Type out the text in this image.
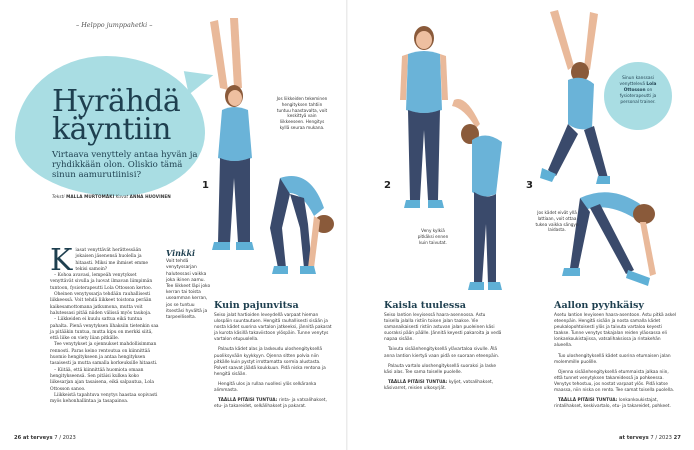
– Helppo jumppahetki –
Hyrähdä
käyntiin
Virtaava venyttely antaa hyvän ja ryhdikkään olon. Oliskio tämä sinun aamurutiinisi?
Teksti MALLA MURTOMÄKI Kuvat ANNA HUOVINEN
K iasat venyttävät herättessään jokaisen jäsenensä huolella ja hitaasti. Miksi me ihmiset emme tekisi samoin?

– Kohoa avavasi, lempeäh venytykset venyttävät sivulla ja luovat ilmavan liimpimän tuntoon, fysioterapeutti Lola Ottosson kertoo.

Oheinen venytyssarja tehdään rauhallisesti liikkeessä. Voit tehdä liikkeet toistona perään kaikesamottomana jatkumona, mutta voit halutessasi pitää niiden välissä myös taukoja.

– Liikkeiden ei kuulu sattua eikä tuntua pahalta. Pienä venytyksen lihaksiin tietenkin saa ja pitääkin tuntua, mutta kipu on merkki siitä, että liike on viety liian pitkälle.

Tee venytykset ja ojennukset mahdollisimman rennosti. Paras keino rentoutua on kiinnittää huomio hengitykseen ja antaa hengityksen tasaisesti ja mutta samalla korkeuksille hitaasti.

– Kiitää, että kiinnittää huomiota omaan hengitykseensä. Sen pitäisi kulkea koko liikesarjan ajan tasaisena, eikä salpautua, Lola Ottosson sanoo.

Liikkeistä tapahtuva venytys haastaa sopivasti myös kehonhallintaa ja tasapainoa.

Vinkki
Voit tehdä venytyssarjan halutessasi vaikka joka ikinen aamu. Tee liikkeet läpi joko kerran tai toista useamman kerran, jos se tuntuu itsestäsi hyvältä ja tarpeelliselta.
1
Jos liikkeiden tekeminen hengityksen tahtiin tuntuu haastavalta, voit keskittyä vain liikkeeseen. Hengitys kyllä seuraa mukana.
Kuin pajunvitsa

Seiso jalat hartioiden leveydellä varpaat hieman ulospäin suuntautuen. Hengitä rauhallisesti sisään ja nosta kädet suorina vartalon jatkeeksi, jännitä pakarat ja kurota käsillä takaviistoon ylöspäin. Tunne venytys vartalon etupuolella.

Palauta kädet alas ja laskeudu uloshengityksellä puoliksyvään kyykkyyn. Ojenna sitten polvia niin pitkälle kuin pystyt irrottamatta sormia alustasta. Polvet saavat jäädä koukkuun. Pidä niska rentona ja hengitä sisään.

Hengitä ulos ja rullaa nuollesi ylös selkäranka alimmasta.

TÄÄLLÄ PITÄISI TUNTUA: rinta- ja vatsalihakset, etu- ja takareidet, selkälihakset ja pakarat.

26 at terveys 7 / 2023
2
Veny kylkiä pitkäksi ennen kuin taivutat.
Kaisla tuulessa

Seiso lantion levyisessä haara-asennossa. Astu toisella jalalla ristiin toisen jalan taakse. Vie samanaikaisesti ristiin astuvan jalan puoleinen käsi suoraksi pään päälle. Jännitä keyesti pakaroita ja vedä napaa sisään.

Taivuta sisäänhengityksellä ylävartaloa sivulle. Älä anna lantion kiertyä vaan pidä se suoraan eteenpäin.

Palauta vartalo uloshengityksellä suoraksi ja laske käsi alas. Tee sama toiselle puolelle.

TÄÄLLÄ PITÄISI TUNTUA: kyljet, vatsalihakset, käsivarret, reisien ulkosyrjät.

3
Jos kädet eivät yllä lattiaan, voit ottaa tukea vaikka sängyn laidasta.
Sinun kanssasi venyttelevä Lola Ottosson on fysioterapeutti ja personal trainer.
Aallon pyyhkäisy

Asetu lantion levyiseen haara-asentoon. Astu pitkä askel eteenpäin. Hengitä sisään ja nosta samalla kädet peukalopohtoisesti ylös ja taivuta vartaloa keyesti taakse. Tunne venytys takajalan reiden yläosassa eli lonkankoukistajissa, vatsalihaksissa ja rintakehän alueella.

Tuo uloshengityksellä kädet suorina etumaisen jalan molemmille puolille.

Ojenna sisäänhengityksellä etummaista jalkaa niin, että tunnet venytyksen takareidessä ja pohkeessa. Venytys tehostuu, jos nostat varpaat ylös. Pidä katse maassa, niin niska on rento. Tee samat toisella puolella.

TÄÄLLÄ PITÄISI TUNTUA: lonkankoukistajat, rintalihakset, keskivartalo, etu- ja takareidet, pohkeet.

at terveys 7 / 2023 27
